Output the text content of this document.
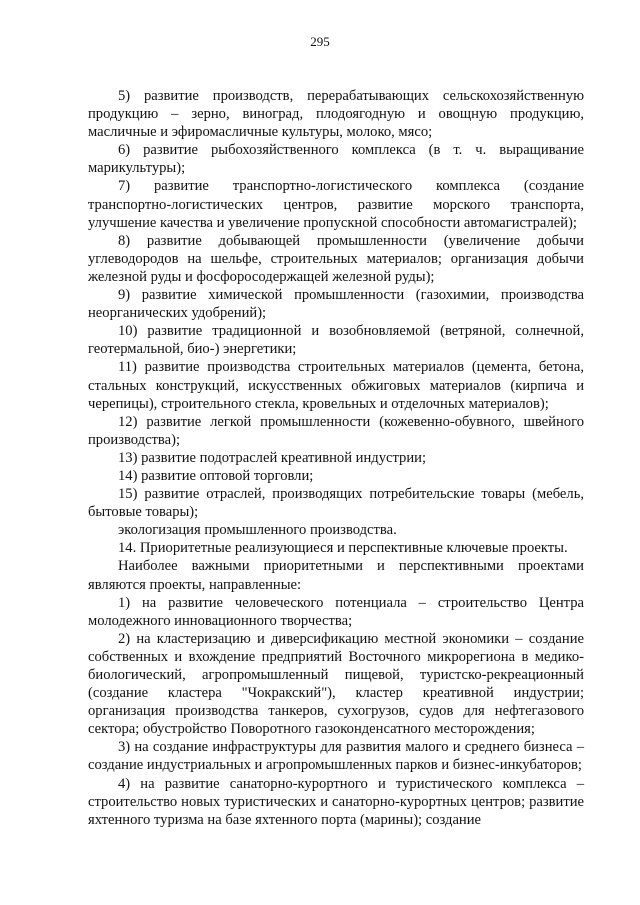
295

5) развитие производств, перерабатывающих сельскохозяйственную продукцию – зерно, виноград, плодоягодную и овощную продукцию, масличные и эфиромасличные культуры, молоко, мясо;

6) развитие рыбохозяйственного комплекса (в т. ч. выращивание марикультуры);

7) развитие транспортно-логистического комплекса (создание транспортно-логистических центров, развитие морского транспорта, улучшение качества и увеличение пропускной способности автомагистралей);

8) развитие добывающей промышленности (увеличение добычи углеводородов на шельфе, строительных материалов; организация добычи железной руды и фосфоросодержащей железной руды);

9) развитие химической промышленности (газохимии, производства неорганических удобрений);

10) развитие традиционной и возобновляемой (ветряной, солнечной, геотермальной, био-) энергетики;

11) развитие производства строительных материалов (цемента, бетона, стальных конструкций, искусственных обжиговых материалов (кирпича и черепицы), строительного стекла, кровельных и отделочных материалов);

12) развитие легкой промышленности (кожевенно-обувного, швейного производства);

13) развитие подотраслей креативной индустрии;

14) развитие оптовой торговли;

15) развитие отраслей, производящих потребительские товары (мебель, бытовые товары);

экологизация промышленного производства.

14. Приоритетные реализующиеся и перспективные ключевые проекты.

Наиболее важными приоритетными и перспективными проектами являются проекты, направленные:

1) на развитие человеческого потенциала – строительство Центра молодежного инновационного творчества;

2) на кластеризацию и диверсификацию местной экономики – создание собственных и вхождение предприятий Восточного микрорегиона в медико-биологический, агропромышленный пищевой, туристско-рекреационный (создание кластера "Чокракский"), кластер креативной индустрии; организация производства танкеров, сухогрузов, судов для нефтегазового сектора; обустройство Поворотного газоконденсатного месторождения;

3) на создание инфраструктуры для развития малого и среднего бизнеса – создание индустриальных и агропромышленных парков и бизнес-инкубаторов;

4) на развитие санаторно-курортного и туристического комплекса – строительство новых туристических и санаторно-курортных центров; развитие яхтенного туризма на базе яхтенного порта (марины); создание
